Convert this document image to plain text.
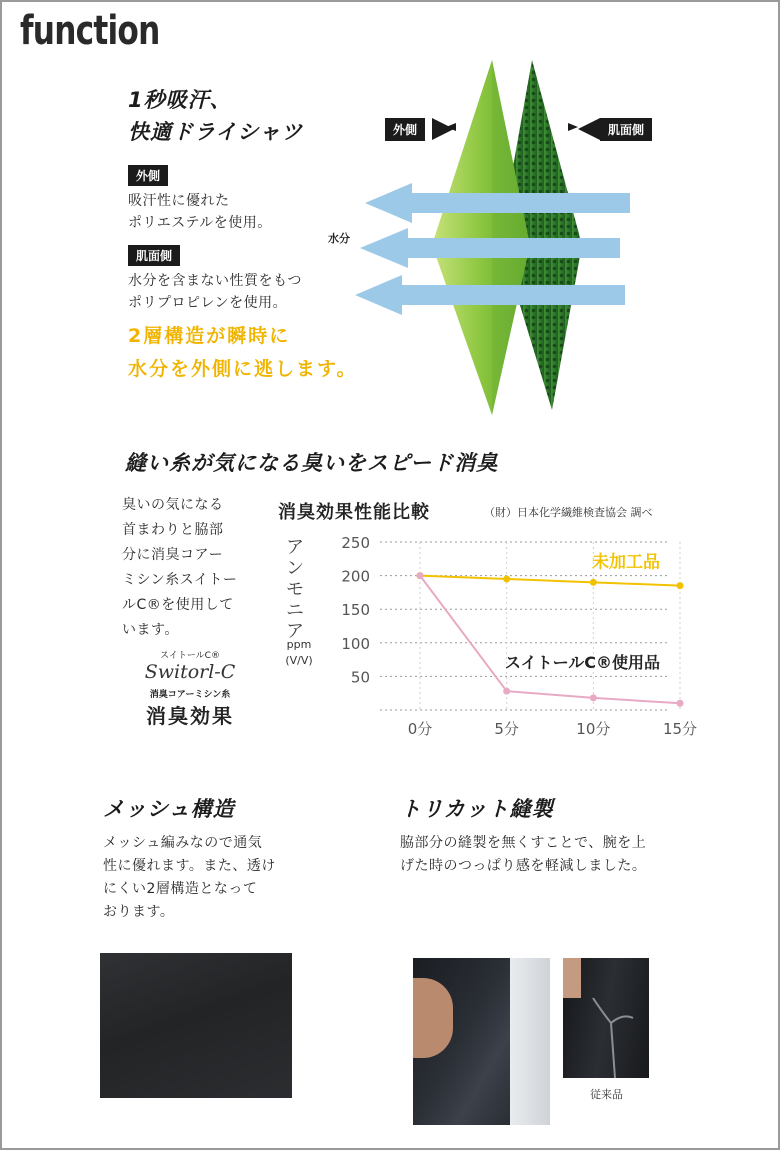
function
1秒吸汗、
快適ドライシャツ
外側
吸汗性に優れた
ポリエステルを使用。
肌面側
水分を含まない性質をもつ
ポリプロピレンを使用。
2層構造が瞬時に
水分を外側に逃します。
外側	肌面側
水分
縫い糸が気になる臭いをスピード消臭
臭いの気になる
首まわりと脇部
分に消臭コアー
ミシン糸スイトー
ルC®を使用して
います。
スイトールC®
Switorl-C
消臭コアーミシン糸
消臭効果
消臭効果性能比較	（財）日本化学繊維検査協会 調べ
アンモニア
ppm
(V/V)
250
200
150
100
50
0分	5分	10分	15分
未加工品
スイトールC®使用品
メッシュ構造
メッシュ編みなので通気
性に優れます。また、透け
にくい2層構造となって
おります。
トリカット縫製
脇部分の縫製を無くすことで、腕を上
げた時のつっぱり感を軽減しました。
従来品
